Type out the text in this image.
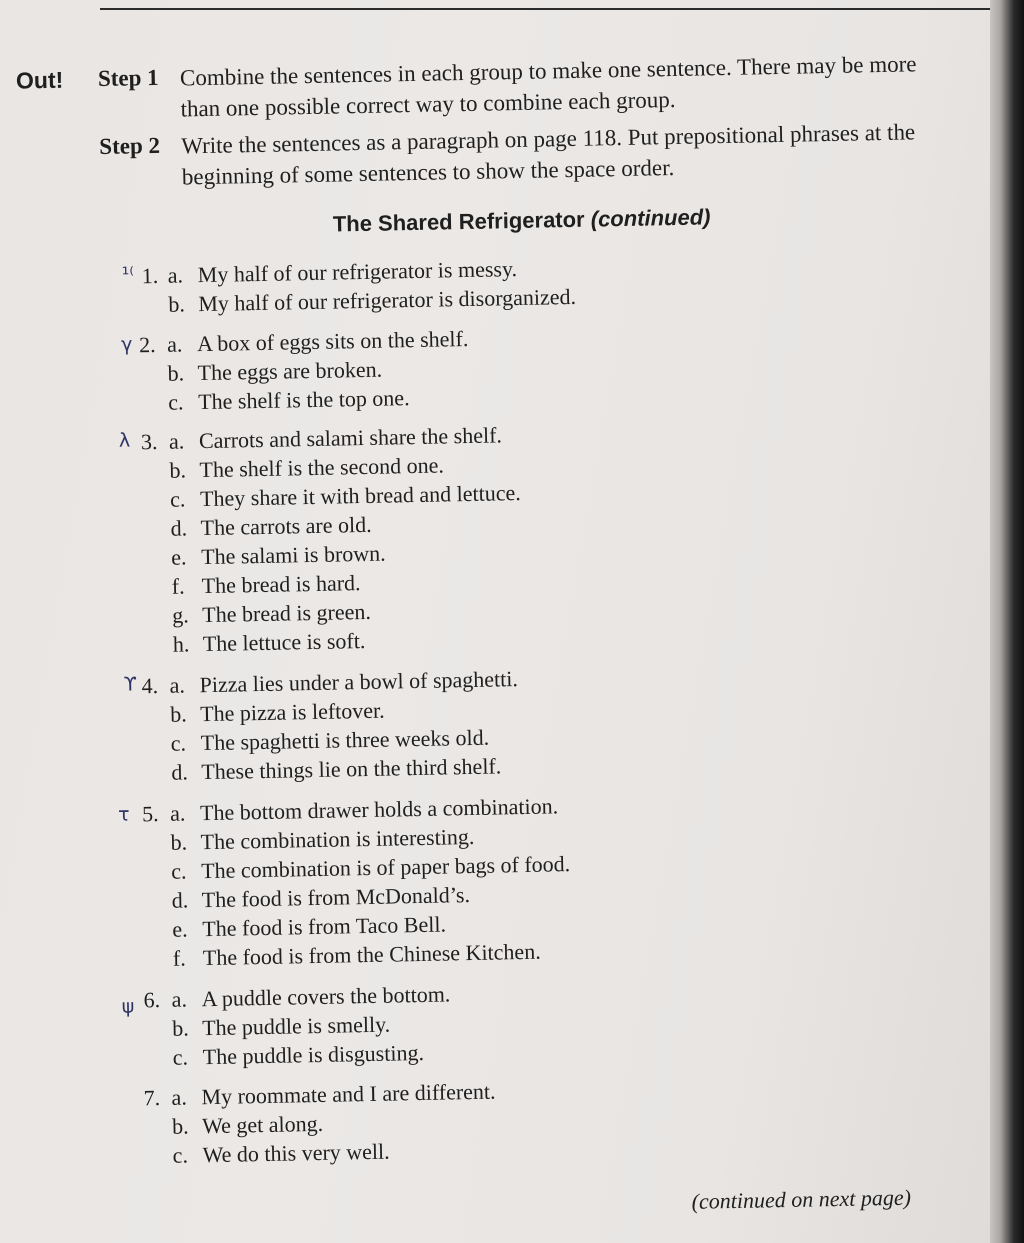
Out! Step 1 Combine the sentences in each group to make one sentence. There may be more than one possible correct way to combine each group.
Step 2 Write the sentences as a paragraph on page 118. Put prepositional phrases at the beginning of some sentences to show the space order.
The Shared Refrigerator (continued)
¹⁽ 1. a. My half of our refrigerator is messy.
b. My half of our refrigerator is disorganized.
γ 2. a. A box of eggs sits on the shelf.
b. The eggs are broken.
c. The shelf is the top one.
λ 3. a. Carrots and salami share the shelf.
b. The shelf is the second one.
c. They share it with bread and lettuce.
d. The carrots are old.
e. The salami is brown.
f. The bread is hard.
g. The bread is green.
h. The lettuce is soft.
ϒ 4. a. Pizza lies under a bowl of spaghetti.
b. The pizza is leftover.
c. The spaghetti is three weeks old.
d. These things lie on the third shelf.
τ 5. a. The bottom drawer holds a combination.
b. The combination is interesting.
c. The combination is of paper bags of food.
d. The food is from McDonald’s.
e. The food is from Taco Bell.
f. The food is from the Chinese Kitchen.
ψ 6. a. A puddle covers the bottom.
b. The puddle is smelly.
c. The puddle is disgusting.
7. a. My roommate and I are different.
b. We get along.
c. We do this very well.
(continued on next page)
